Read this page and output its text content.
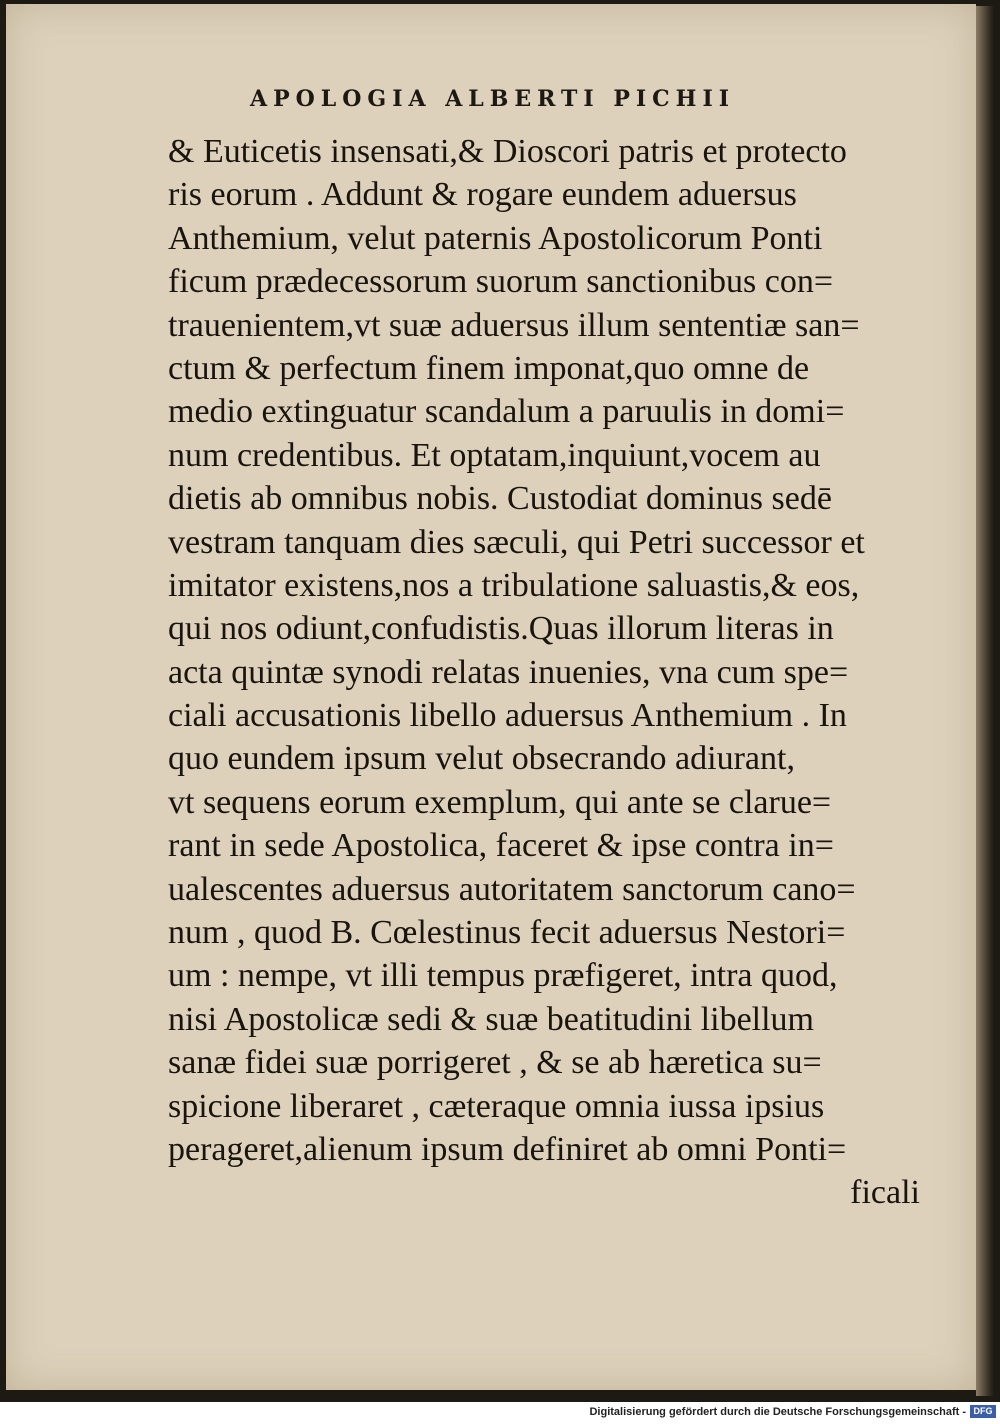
APOLOGIA ALBERTI PICHII
& Euticetis insensati,& Dioscori patris et protecto
ris eorum . Addunt & rogare eundem aduersus
Anthemium, velut paternis Apostolicorum Ponti
ficum prædecessorum suorum sanctionibus con=
trauenientem,vt suæ aduersus illum sententiæ san=
ctum & perfectum finem imponat,quo omne de
medio extinguatur scandalum a paruulis in domi=
num credentibus. Et optatam,inquiunt,vocem au
dietis ab omnibus nobis. Custodiat dominus sedē
vestram tanquam dies sæculi, qui Petri successor et
imitator existens,nos a tribulatione saluastis,& eos,
qui nos odiunt,confudistis.Quas illorum literas in
acta quintæ synodi relatas inuenies, vna cum spe=
ciali accusationis libello aduersus Anthemium . In
quo eundem ipsum velut obsecrando adiurant,
vt sequens eorum exemplum, qui ante se clarue=
rant in sede Apostolica, faceret & ipse contra in=
ualescentes aduersus autoritatem sanctorum cano=
num , quod B. Cœlestinus fecit aduersus Nestori=
um : nempe, vt illi tempus præfigeret, intra quod,
nisi Apostolicæ sedi & suæ beatitudini libellum
sanæ fidei suæ porrigeret , & se ab hæretica su=
spicione liberaret , cæteraque omnia iussa ipsius
perageret,alienum ipsum definiret ab omni Ponti=
ficali
Digitalisierung gefördert durch die Deutsche Forschungsgemeinschaft - DFG
